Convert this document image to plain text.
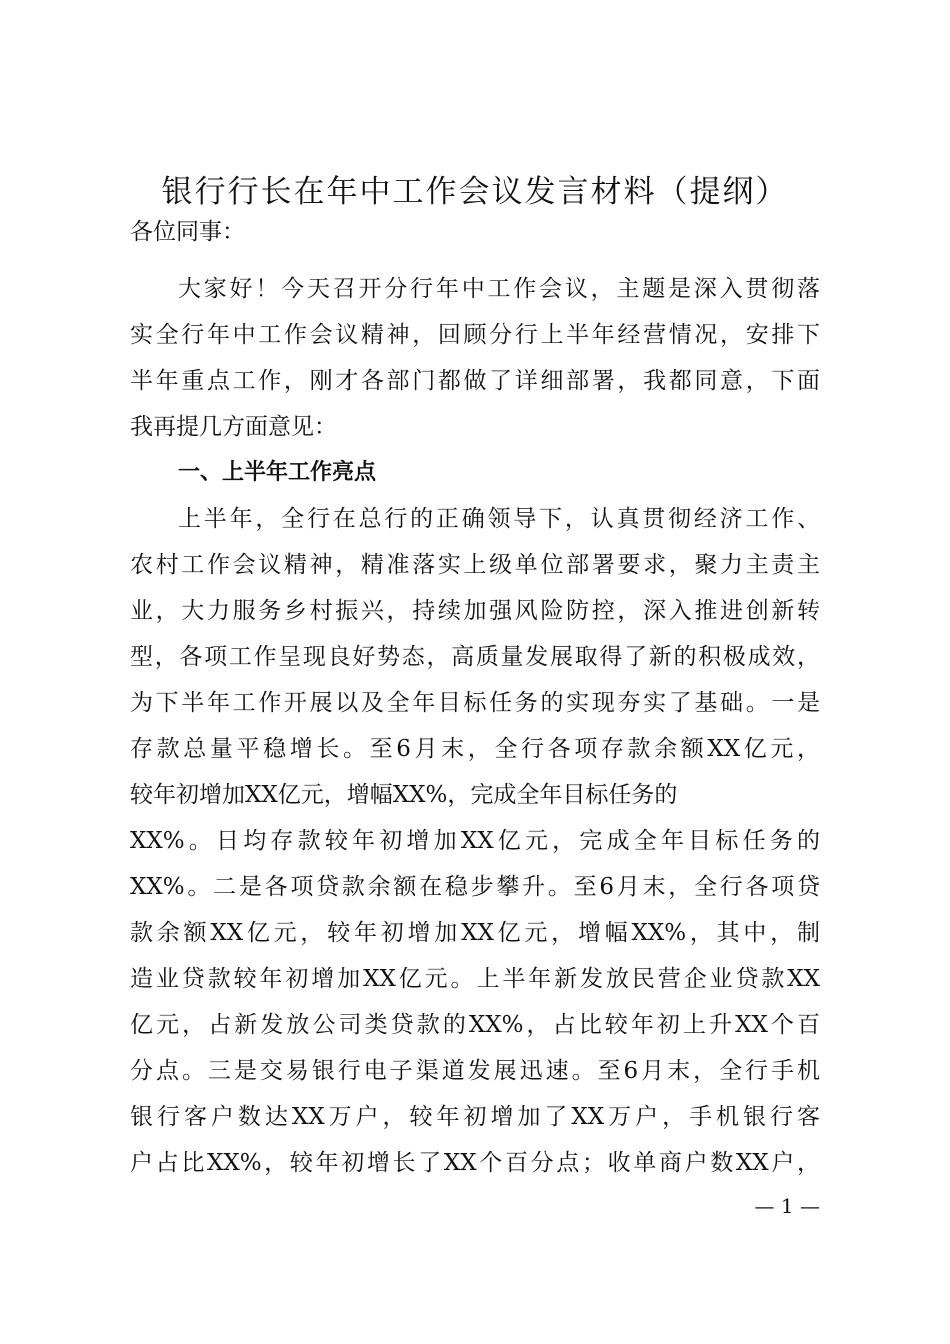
银行行长在年中工作会议发言材料（提纲）
各位同事：
大家好！今天召开分行年中工作会议，主题是深入贯彻落
实全行年中工作会议精神，回顾分行上半年经营情况，安排下
半年重点工作，刚才各部门都做了详细部署，我都同意，下面
我再提几方面意见：
一、上半年工作亮点
上半年，全行在总行的正确领导下，认真贯彻经济工作、
农村工作会议精神，精准落实上级单位部署要求，聚力主责主
业，大力服务乡村振兴，持续加强风险防控，深入推进创新转
型，各项工作呈现良好势态，高质量发展取得了新的积极成效，
为下半年工作开展以及全年目标任务的实现夯实了基础。一是
存款总量平稳增长。至6月末，全行各项存款余额XX亿元，
较年初增加XX亿元，增幅XX%，完成全年目标任务的
XX%。日均存款较年初增加XX亿元，完成全年目标任务的
XX%。二是各项贷款余额在稳步攀升。至6月末，全行各项贷
款余额XX亿元，较年初增加XX亿元，增幅XX%，其中，制
造业贷款较年初增加XX亿元。上半年新发放民营企业贷款XX
亿元，占新发放公司类贷款的XX%，占比较年初上升XX个百
分点。三是交易银行电子渠道发展迅速。至6月末，全行手机
银行客户数达XX万户，较年初增加了XX万户，手机银行客
户占比XX%，较年初增长了XX个百分点；收单商户数XX户，
— 1 —
